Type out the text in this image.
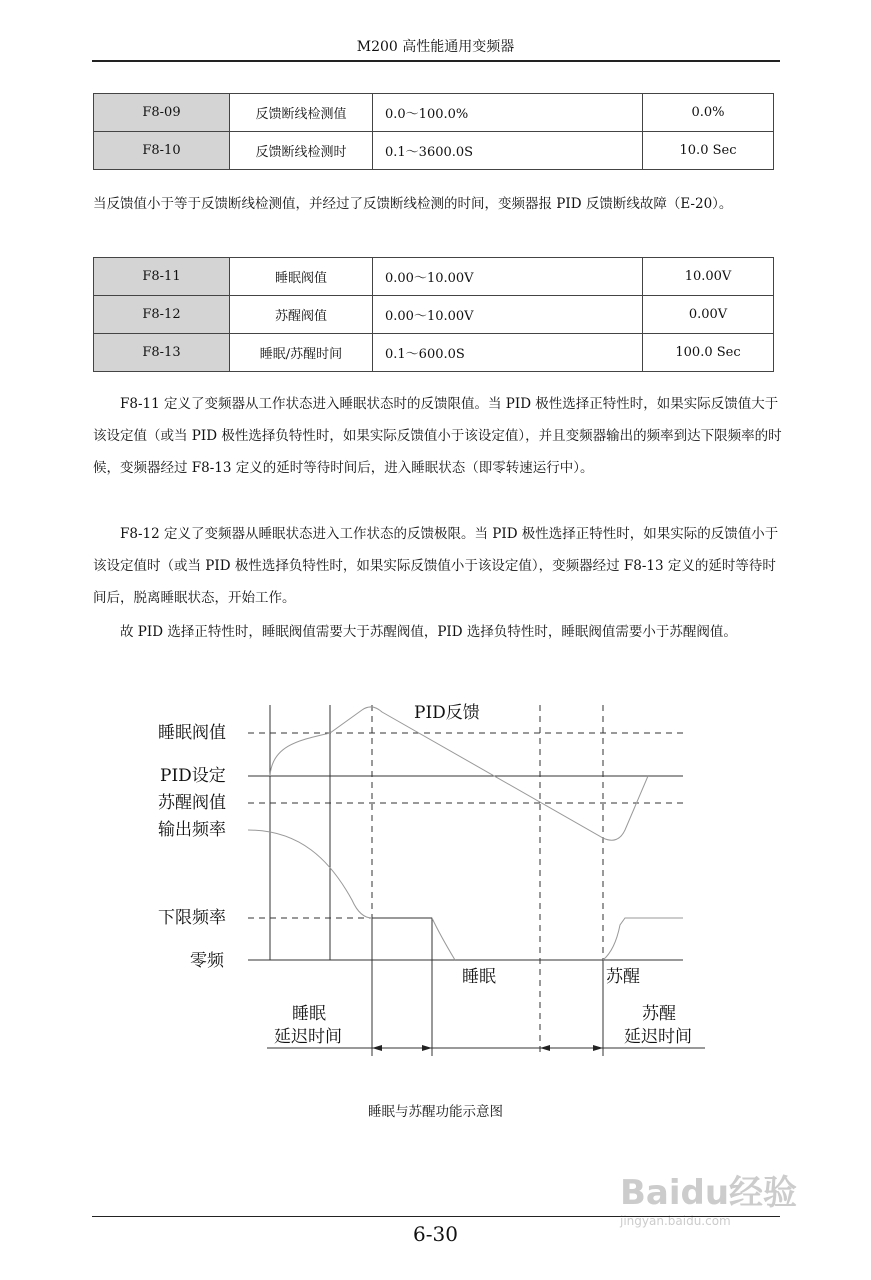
M200 高性能通用变频器
F8-09	反馈断线检测值	0.0～100.0%	0.0%
F8-10	反馈断线检测时	0.1～3600.0S	10.0 Sec
当反馈值小于等于反馈断线检测值，并经过了反馈断线检测的时间，变频器报 PID 反馈断线故障（E-20）。
F8-11	睡眠阀值	0.00～10.00V	10.00V
F8-12	苏醒阀值	0.00～10.00V	0.00V
F8-13	睡眠/苏醒时间	0.1～600.0S	100.0 Sec
F8-11 定义了变频器从工作状态进入睡眠状态时的反馈限值。当 PID 极性选择正特性时，如果实际反馈值大于该设定值（或当 PID 极性选择负特性时，如果实际反馈值小于该设定值），并且变频器输出的频率到达下限频率的时候，变频器经过 F8-13 定义的延时等待时间后，进入睡眠状态（即零转速运行中）。
F8-12 定义了变频器从睡眠状态进入工作状态的反馈极限。当 PID 极性选择正特性时，如果实际的反馈值小于该设定值时（或当 PID 极性选择负特性时，如果实际反馈值小于该设定值），变频器经过 F8-13 定义的延时等待时间后，脱离睡眠状态，开始工作。
故 PID 选择正特性时，睡眠阀值需要大于苏醒阀值，PID 选择负特性时，睡眠阀值需要小于苏醒阀值。
PID反馈
睡眠阀值
PID设定
苏醒阀值
输出频率
下限频率
零频
睡眠	苏醒
睡眠
延迟时间
苏醒
延迟时间
睡眠与苏醒功能示意图
Baidu经验
jingyan.baidu.com
6-30
